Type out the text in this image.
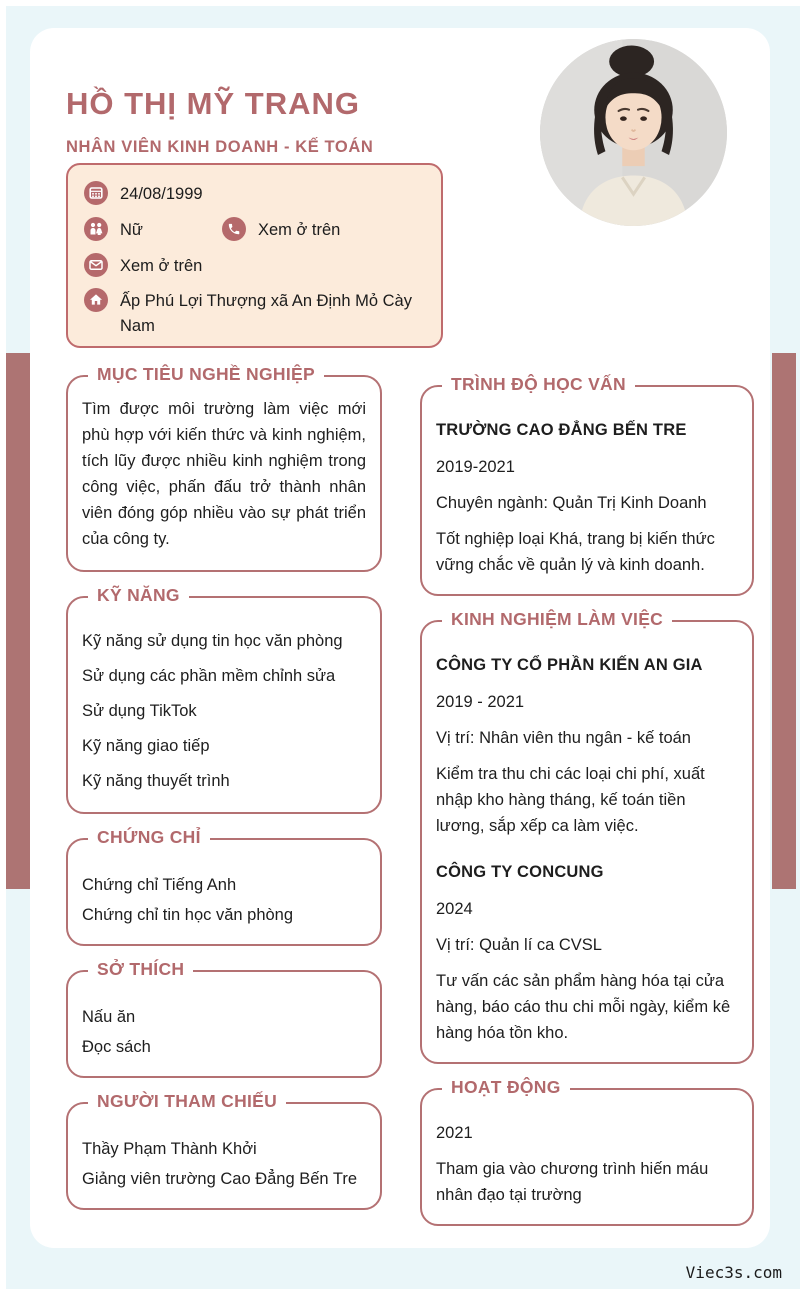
HỒ THỊ MỸ TRANG
NHÂN VIÊN KINH DOANH - KẾ TOÁN
24/08/1999
Nữ	Xem ở trên
Xem ở trên
Ấp Phú Lợi Thượng xã An Định Mỏ Cày Nam
MỤC TIÊU NGHỀ NGHIỆP

Tìm được môi trường làm việc mới phù hợp với kiến thức và kinh nghiệm, tích lũy được nhiều kinh nghiệm trong công việc, phấn đấu trở thành nhân viên đóng góp nhiều vào sự phát triển của công ty.

KỸ NĂNG

Kỹ năng sử dụng tin học văn phòng

Sử dụng các phần mềm chỉnh sửa

Sử dụng TikTok

Kỹ năng giao tiếp

Kỹ năng thuyết trình

CHỨNG CHỈ

Chứng chỉ Tiếng Anh

Chứng chỉ tin học văn phòng

SỞ THÍCH

Nấu ăn

Đọc sách

NGƯỜI THAM CHIẾU

Thầy Phạm Thành Khởi

Giảng viên trường Cao Đẳng Bến Tre

TRÌNH ĐỘ HỌC VẤN

TRƯỜNG CAO ĐẲNG BẾN TRE

2019-2021

Chuyên ngành: Quản Trị Kinh Doanh

Tốt nghiệp loại Khá, trang bị kiến thức vững chắc về quản lý và kinh doanh.

KINH NGHIỆM LÀM VIỆC

CÔNG TY CỔ PHẦN KIẾN AN GIA

2019 - 2021

Vị trí: Nhân viên thu ngân - kế toán

Kiểm tra thu chi các loại chi phí, xuất nhập kho hàng tháng, kế toán tiền lương, sắp xếp ca làm việc.

CÔNG TY CONCUNG

2024

Vị trí: Quản lí ca CVSL

Tư vấn các sản phẩm hàng hóa tại cửa hàng, báo cáo thu chi mỗi ngày, kiểm kê hàng hóa tồn kho.

HOẠT ĐỘNG

2021

Tham gia vào chương trình hiến máu nhân đạo tại trường

Viec3s.com
